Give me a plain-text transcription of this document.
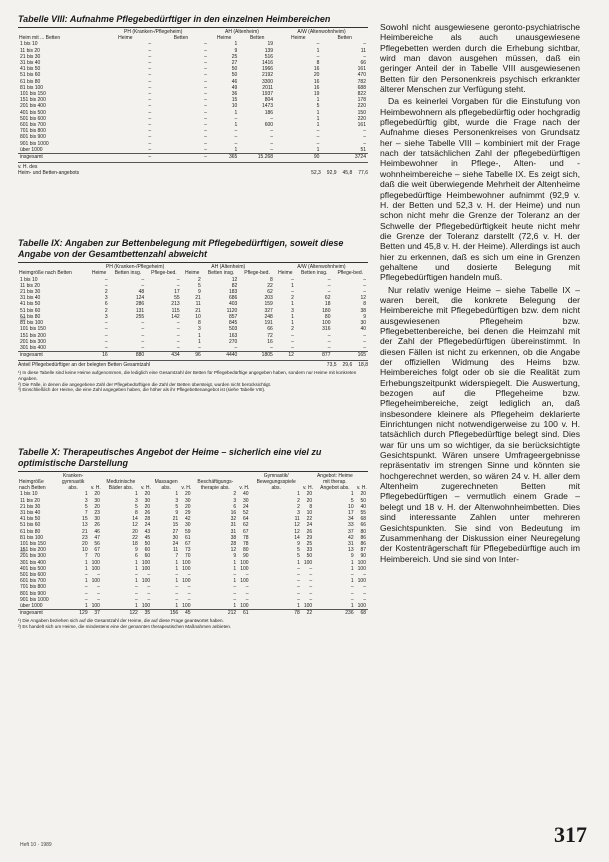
Tabelle VIII: Aufnahme Pflegebedürftiger in den einzelnen Heimbereichen

	PH (Kranken-/Pflegeheim)		AH (Altenheim)		A/W (Altenwohnheim)	
Heim mit ... Betten	Heime	Betten	Heime	Betten	Heime	Betten
1 bis 10	–	–	1	19	–	–
11 bis 20	–	–	9	139	1	11
21 bis 30	–	–	25	516	–	–
31 bis 40	–	–	27	1416	8	66
41 bis 50	–	–	50	1966	16	161
51 bis 60	–	–	50	2192	20	470
61 bis 80	–	–	46	3300	16	782
81 bis 100	–	–	49	2011	16	688
101 bis 150	–	–	36	1937	19	822
151 bis 200	–	–	15	804	1	178
201 bis 400	–	–	10	1473	5	220
401 bis 500	–	–	1	186	1	150
501 bis 600	–	–	–	–	1	220
601 bis 700	–	–	1	600	1	161
701 bis 800	–	–	–	–	–	–
801 bis 900	–	–	–	–	–	–
901 bis 1000	–	–	–	–	–	–
über 1000	–	–	1	–	1	51
insgesamt	–	–	365	15.268	90	3724
v. H. des
Heim- und Betten-angebots	52,3 92,9 45,8 77,6

Tabelle IX: Angaben zur Bettenbelegung mit Pflegebedürftigen, soweit diese Angabe von der Gesamtbettenzahl abweicht

	PH (Kranken-/Pflegeheim)			AH (Altenheim)			A/W (Altenwohnheim)		
Heimgröße nach Betten	Heime	Betten insg.	Pflege-bed.	Heime	Betten insg.	Pflege-bed.	Heime	Betten insg.	Pflege-bed.
1 bis 10	–	–	–	2	12	8	–	–	–
11 bis 20	–	–	–	5	82	22	1	–	–
21 bis 30	2	48	17	9	183	62	–	–	–
31 bis 40	3	124	55	21	686	203	2	62	12
41 bis 50	6	286	213	11	403	159	1	18	8
51 bis 60	2	131	115	21	1120	327	3	180	38
61 bis 80	3	255	142	10	857	248	1	80	9
81 bis 100	–	–	–	8	845	191	1	100	30
101 bis 150	–	–	–	3	503	66	2	316	40
151 bis 200	–	–	–	1	163	72	–	–	–
201 bis 300	–	–	–	1	270	16	–	–	–
301 bis 400	–	–	–	–	–	–	–	–	–
insgesamt	16	880	434	96	4440	1805	12	877	165
Anteil Pflegebedürftiger an der belegten Betten Gesamtzahl	73,5 29,6 18,8
¹) In diese Tabelle sind keine Heime aufgenommen, die lediglich eine Gesamtzahl der Betten für Pflegebedürftige angegeben haben, sondern nur Heime mit konkreten Angaben.
²) Die Fälle, in denen die angegebene Zahl der Pflegebedürftigen die Zahl der Betten übersteigt, wurden nicht berücksichtigt.
³) Einschließlich der Heime, die eine Zahl angegeben haben, die höher als ihr Pflegebettenangebot ist (siehe Tabelle VIII).

Tabelle X: Therapeutisches Angebot der Heime – sicherlich eine viel zu optimistische Darstellung

Heimgröße nach Betten	Kranken-gymnastik abs.	v. H.	Medizinische Bäder abs.	v. H.	Massagen abs.	v. H.	Beschäftigungs-therapie abs.	v. H.	Gymnastik/ Bewegungsspiele abs.	v. H.	Angebot: Heime mit therap. Angebot abs.	v. H.
1 bis 10	1	20	1	20	1	20	2	40	1	20	1	20
11 bis 20	3	30	3	30	3	30	3	30	2	20	5	50
21 bis 30	5	20	5	20	5	20	6	24	2	8	10	40
31 bis 40	7	23	8	26	9	29	16	52	3	10	17	55
41 bis 50	15	30	14	28	21	42	32	64	11	22	34	68
51 bis 60	13	26	12	24	15	30	31	62	12	24	33	66
61 bis 80	21	46	20	43	27	59	31	67	12	26	37	80
81 bis 100	23	47	22	45	30	61	38	78	14	29	42	86
101 bis 150	20	56	18	50	24	67	28	78	9	25	31	86
151 bis 200	10	67	9	60	11	73	12	80	5	33	13	87
201 bis 300	7	70	6	60	7	70	9	90	5	50	9	90
301 bis 400	1	100	1	100	1	100	1	100	1	100	1	100
401 bis 500	1	100	1	100	1	100	1	100	–	–	1	100
501 bis 600	–	–	–	–	–	–	–	–	–	–	–	–
601 bis 700	1	100	1	100	1	100	1	100	–	–	1	100
701 bis 800	–	–	–	–	–	–	–	–	–	–	–	–
801 bis 900	–	–	–	–	–	–	–	–	–	–	–	–
901 bis 1000	–	–	–	–	–	–	–	–	–	–	–	–
über 1000	1	100	1	100	1	100	1	100	1	100	1	100
insgesamt	129	37	122	35	156	45	212	61	78	22	236	68
¹) Die Angaben beziehen sich auf die Gesamtzahl der Heime, die auf diese Frage geantwortet haben.
²) Es handelt sich um Heime, die mindestens eine der genannten therapeutischen Maßnahmen anbieten.

Sowohl nicht ausgewiesene geronto-psychiatrische Heimbereiche als auch unausgewiesene Pflegebetten werden durch die Erhebung sichtbar, wird man davon ausgehen müssen, daß ein geringer Anteil der in Tabelle VIII ausgewiesenen Betten für den Personenkreis psychisch erkrankter älterer Menschen zur Verfügung steht.

Da es keinerlei Vorgaben für die Einstufung von Heimbewohnern als pflegebedürftig oder hochgradig pflegebedürftig gibt, wurde die Frage nach der Aufnahme dieses Personenkreises von Grundsatz her – siehe Tabelle VIII – kombiniert mit der Frage nach der tatsächlichen Zahl der pflegebedürftigen Heimbewohner in Pflege-, Alten- und -wohnheimbereiche – siehe Tabelle IX. Es zeigt sich, daß die weit überwiegende Mehrheit der Altenheime pflegebedürftige Heimbewohner aufnimmt (92,9 v. H. der Betten und 52,3 v. H. der Heime) und nun schon nicht mehr die Grenze der Toleranz an der Schwelle der Pflegebedürftigkeit heute nicht mehr die Grenze der Toleranz darstellt (72,6 v. H. der Betten und 45,8 v. H. der Heime). Allerdings ist auch hier zu erkennen, daß es sich um eine in Grenzen gehaltene und dosierte Belegung mit Pflegebedürftigen handeln muß.

Nur relativ wenige Heime – siehe Tabelle IX – waren bereit, die konkrete Belegung der Heimbereiche mit Pflegebedürftigen bzw. dem nicht ausgewiesenen Pflegeheim bzw. Pflegebettenbereiche, bei denen die Heimzahl mit der Zahl der Pflegebedürftigen übereinstimmt. In diesen Fällen ist nicht zu erkennen, ob die Angabe der offiziellen Widmung des Heims bzw. Heimbereiches folgt oder ob sie die Realität zum Erhebungszeitpunkt widerspiegelt. Die Auswertung, bezogen auf die Pflegeheime bzw. Pflegeheimbereiche, zeigt lediglich an, daß insbesondere kleinere als Pflegeheim deklarierte Einrichtungen nicht notwendigerweise zu 100 v. H. tatsächlich durch Pflegebedürftige belegt sind. Dies war für uns um so wichtiger, da sie berücksichtigte Gesichtspunkt. Wären unsere Umfrageergebnisse repräsentativ im strengen Sinne und könnten sie hochgerechnet werden, so wären 24 v. H. aller dem Altenheim zugerechneten Betten mit Pflegebedürftigen – vermutlich einem Grade – belegt und 18 v. H. der Altenwohnheimbetten. Dies sind interessante Zahlen unter mehreren Gesichtspunkten. Sie sind von Bedeutung im Zusammenhang der Diskussion einer Neuregelung der Kostenträgerschaft für Pflegebedürftige auch im Heimbereich. Und sie sind von Inter-

Heft 10 · 1989	317
